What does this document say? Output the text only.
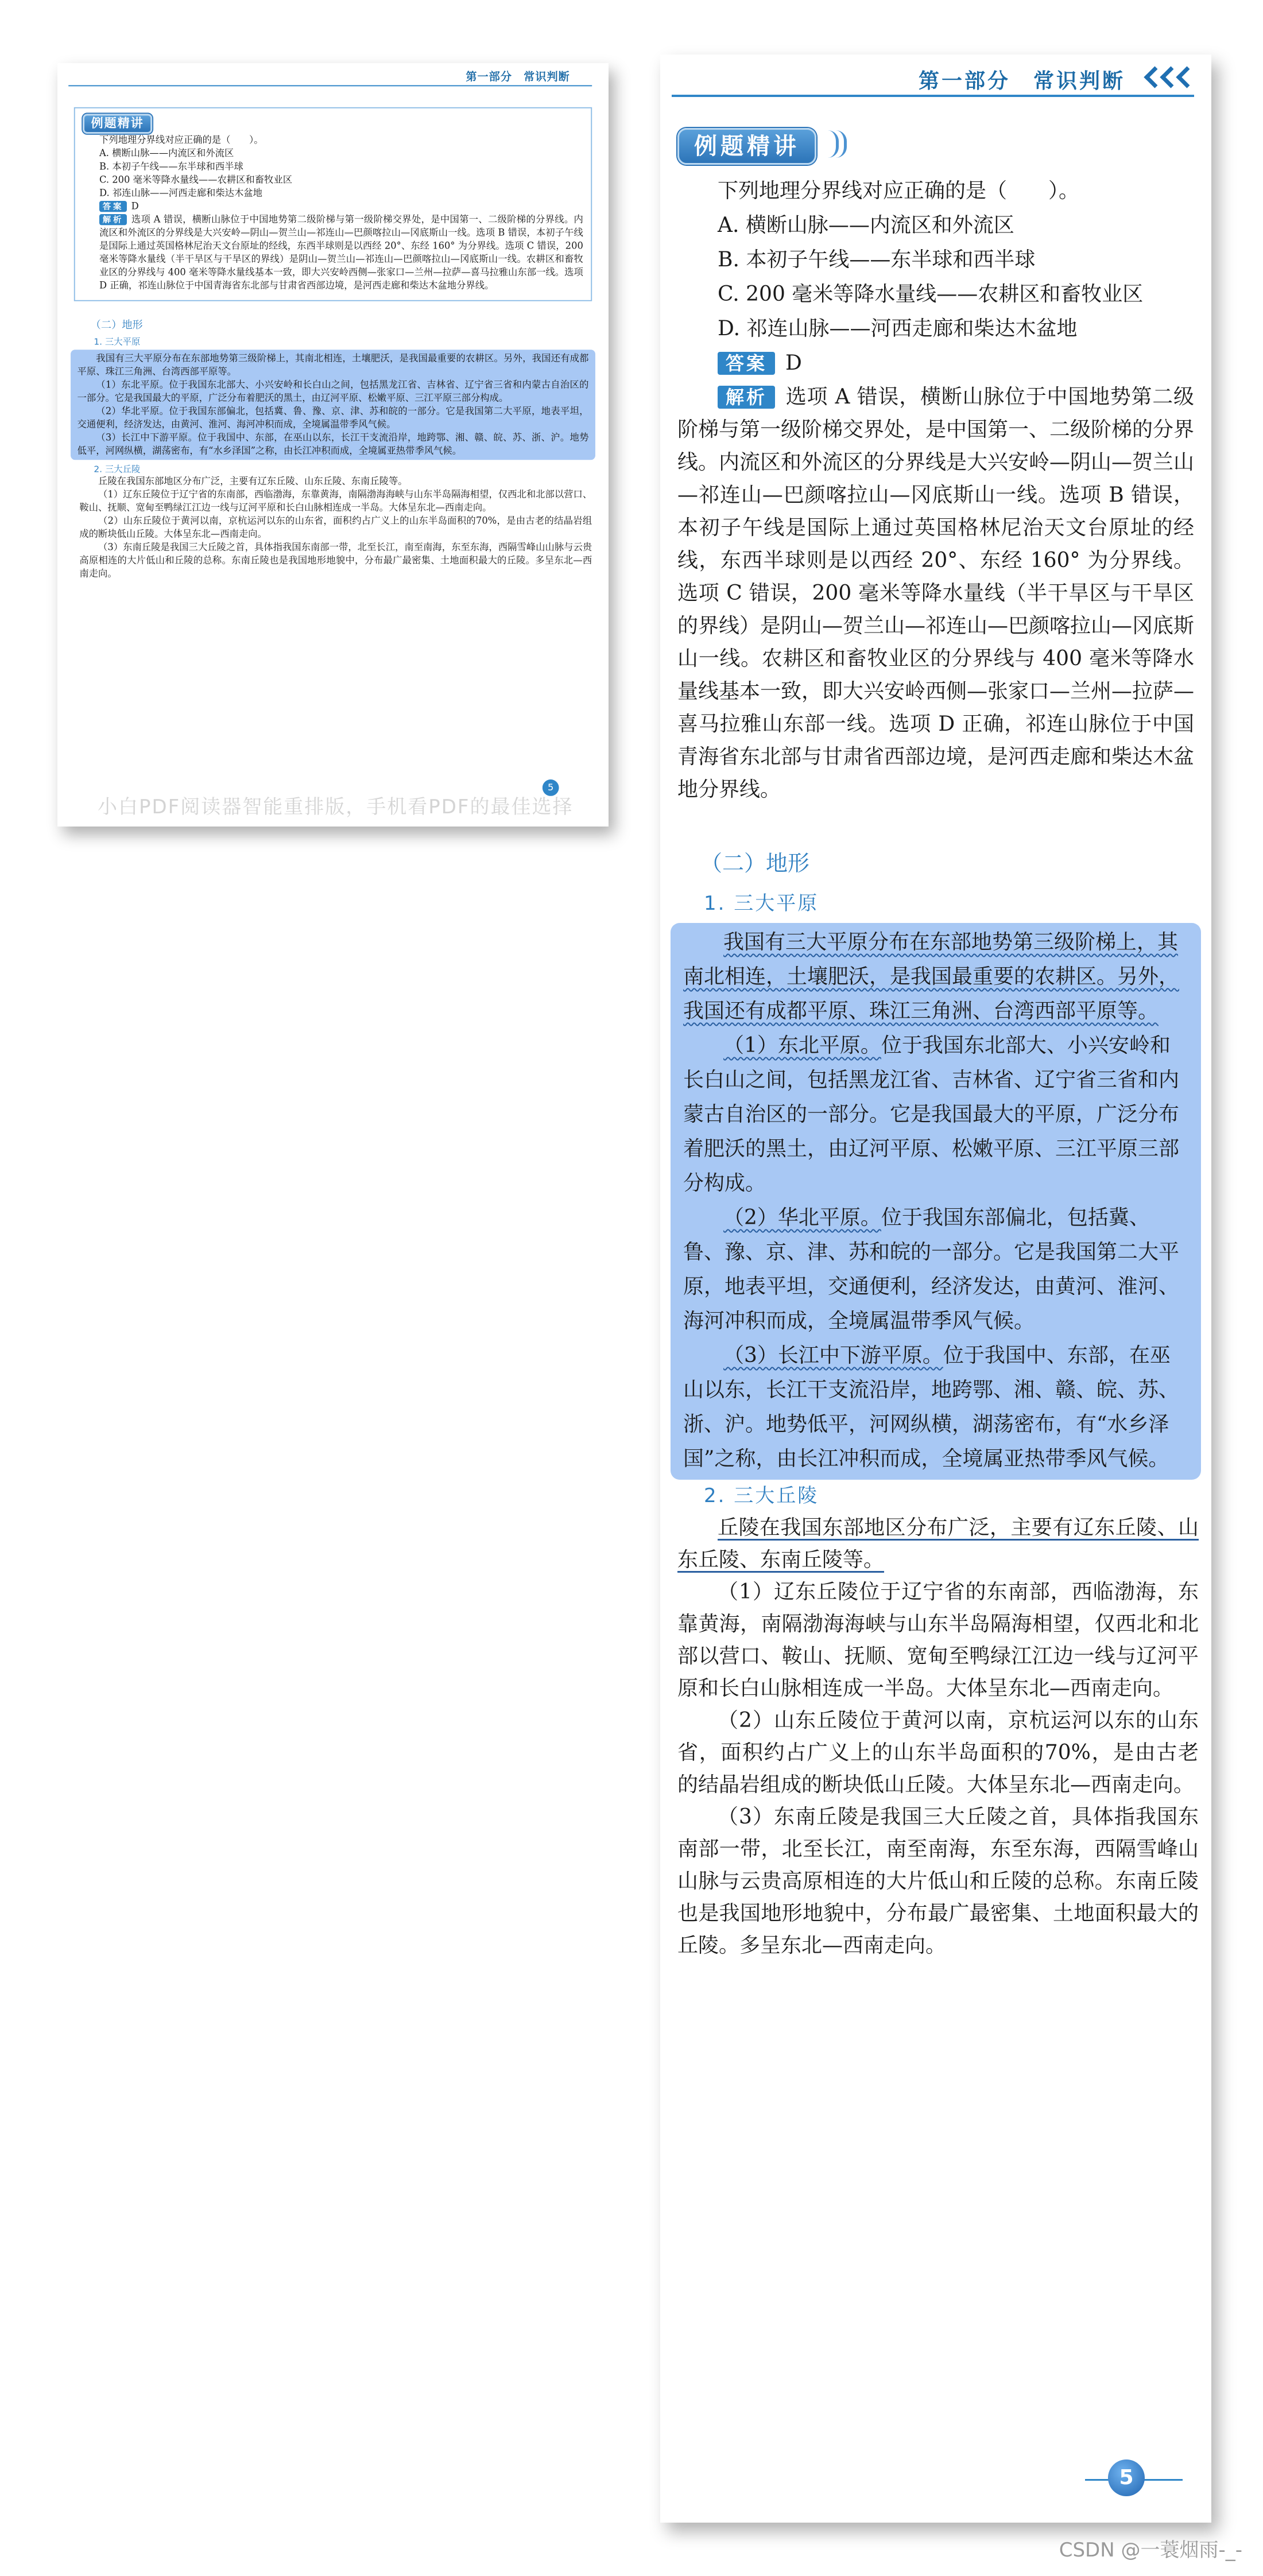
第一部分　常识判断
例题精讲
下列地理分界线对应正确的是（　　）。
A. 横断山脉——内流区和外流区
B. 本初子午线——东半球和西半球
C. 200 毫米等降水量线——农耕区和畜牧业区
D. 祁连山脉——河西走廊和柴达木盆地
答案 D
解析 选项 A 错误，横断山脉位于中国地势第二级阶梯与第一级阶梯交界处，是中国第一、二级阶梯的分界线。内流区和外流区的分界线是大兴安岭—阴山—贺兰山—祁连山—巴颜喀拉山—冈底斯山一线。选项 B 错误，本初子午线是国际上通过英国格林尼治天文台原址的经线，东西半球则是以西经 20°、东经 160° 为分界线。选项 C 错误，200 毫米等降水量线（半干旱区与干旱区的界线）是阴山—贺兰山—祁连山—巴颜喀拉山—冈底斯山一线。农耕区和畜牧业区的分界线与 400 毫米等降水量线基本一致，即大兴安岭西侧—张家口—兰州—拉萨—喜马拉雅山东部一线。选项 D 正确，祁连山脉位于中国青海省东北部与甘肃省西部边境，是河西走廊和柴达木盆地分界线。
（二）地形
1. 三大平原
我国有三大平原分布在东部地势第三级阶梯上，其南北相连，土壤肥沃，是我国最重要的农耕区。另外，我国还有成都平原、珠江三角洲、台湾西部平原等。
（1）东北平原。位于我国东北部大、小兴安岭和长白山之间，包括黑龙江省、吉林省、辽宁省三省和内蒙古自治区的一部分。它是我国最大的平原，广泛分布着肥沃的黑土，由辽河平原、松嫩平原、三江平原三部分构成。
（2）华北平原。位于我国东部偏北，包括冀、鲁、豫、京、津、苏和皖的一部分。它是我国第二大平原，地表平坦，交通便利，经济发达，由黄河、淮河、海河冲积而成，全境属温带季风气候。
（3）长江中下游平原。位于我国中、东部，在巫山以东，长江干支流沿岸，地跨鄂、湘、赣、皖、苏、浙、沪。地势低平，河网纵横，湖荡密布，有“水乡泽国”之称，由长江冲积而成，全境属亚热带季风气候。
2. 三大丘陵
丘陵在我国东部地区分布广泛，主要有辽东丘陵、山东丘陵、东南丘陵等。
（1）辽东丘陵位于辽宁省的东南部，西临渤海，东靠黄海，南隔渤海海峡与山东半岛隔海相望，仅西北和北部以营口、鞍山、抚顺、宽甸至鸭绿江江边一线与辽河平原和长白山脉相连成一半岛。大体呈东北—西南走向。
（2）山东丘陵位于黄河以南，京杭运河以东的山东省，面积约占广义上的山东半岛面积的70%，是由古老的结晶岩组成的断块低山丘陵。大体呈东北—西南走向。
（3）东南丘陵是我国三大丘陵之首，具体指我国东南部一带，北至长江，南至南海，东至东海，西隔雪峰山山脉与云贵高原相连的大片低山和丘陵的总称。东南丘陵也是我国地形地貌中，分布最广最密集、土地面积最大的丘陵。多呈东北—西南走向。
5
小白PDF阅读器智能重排版，手机看PDF的最佳选择
第一部分　常识判断
例题精讲
下列地理分界线对应正确的是（　　）。
A. 横断山脉——内流区和外流区
B. 本初子午线——东半球和西半球
C. 200 毫米等降水量线——农耕区和畜牧业区
D. 祁连山脉——河西走廊和柴达木盆地
答案 D
解析 选项 A 错误，横断山脉位于中国地势第二级阶梯与第一级阶梯交界处，是中国第一、二级阶梯的分界线。内流区和外流区的分界线是大兴安岭—阴山—贺兰山—祁连山—巴颜喀拉山—冈底斯山一线。选项 B 错误，本初子午线是国际上通过英国格林尼治天文台原址的经线，东西半球则是以西经 20°、东经 160° 为分界线。选项 C 错误，200 毫米等降水量线（半干旱区与干旱区的界线）是阴山—贺兰山—祁连山—巴颜喀拉山—冈底斯山一线。农耕区和畜牧业区的分界线与 400 毫米等降水量线基本一致，即大兴安岭西侧—张家口—兰州—拉萨—喜马拉雅山东部一线。选项 D 正确，祁连山脉位于中国青海省东北部与甘肃省西部边境，是河西走廊和柴达木盆地分界线。
（二）地形
1. 三大平原

我国有三大平原分布在东部地势第三级阶梯上，其南北相连，土壤肥沃，是我国最重要的农耕区。另外，我国还有成都平原、珠江三角洲、台湾西部平原等。

（1）东北平原。位于我国东北部大、小兴安岭和长白山之间，包括黑龙江省、吉林省、辽宁省三省和内蒙古自治区的一部分。它是我国最大的平原，广泛分布着肥沃的黑土，由辽河平原、松嫩平原、三江平原三部分构成。

（2）华北平原。位于我国东部偏北，包括冀、鲁、豫、京、津、苏和皖的一部分。它是我国第二大平原，地表平坦，交通便利，经济发达，由黄河、淮河、海河冲积而成，全境属温带季风气候。

（3）长江中下游平原。位于我国中、东部，在巫山以东，长江干支流沿岸，地跨鄂、湘、赣、皖、苏、浙、沪。地势低平，河网纵横，湖荡密布，有“水乡泽国”之称，由长江冲积而成，全境属亚热带季风气候。

2. 三大丘陵

丘陵在我国东部地区分布广泛，主要有辽东丘陵、山东丘陵、东南丘陵等。

（1）辽东丘陵位于辽宁省的东南部，西临渤海，东靠黄海，南隔渤海海峡与山东半岛隔海相望，仅西北和北部以营口、鞍山、抚顺、宽甸至鸭绿江江边一线与辽河平原和长白山脉相连成一半岛。大体呈东北—西南走向。

（2）山东丘陵位于黄河以南，京杭运河以东的山东省，面积约占广义上的山东半岛面积的70%，是由古老的结晶岩组成的断块低山丘陵。大体呈东北—西南走向。

（3）东南丘陵是我国三大丘陵之首，具体指我国东南部一带，北至长江，南至南海，东至东海，西隔雪峰山山脉与云贵高原相连的大片低山和丘陵的总称。东南丘陵也是我国地形地貌中，分布最广最密集、土地面积最大的丘陵。多呈东北—西南走向。

5
CSDN @一蓑烟雨-_-
